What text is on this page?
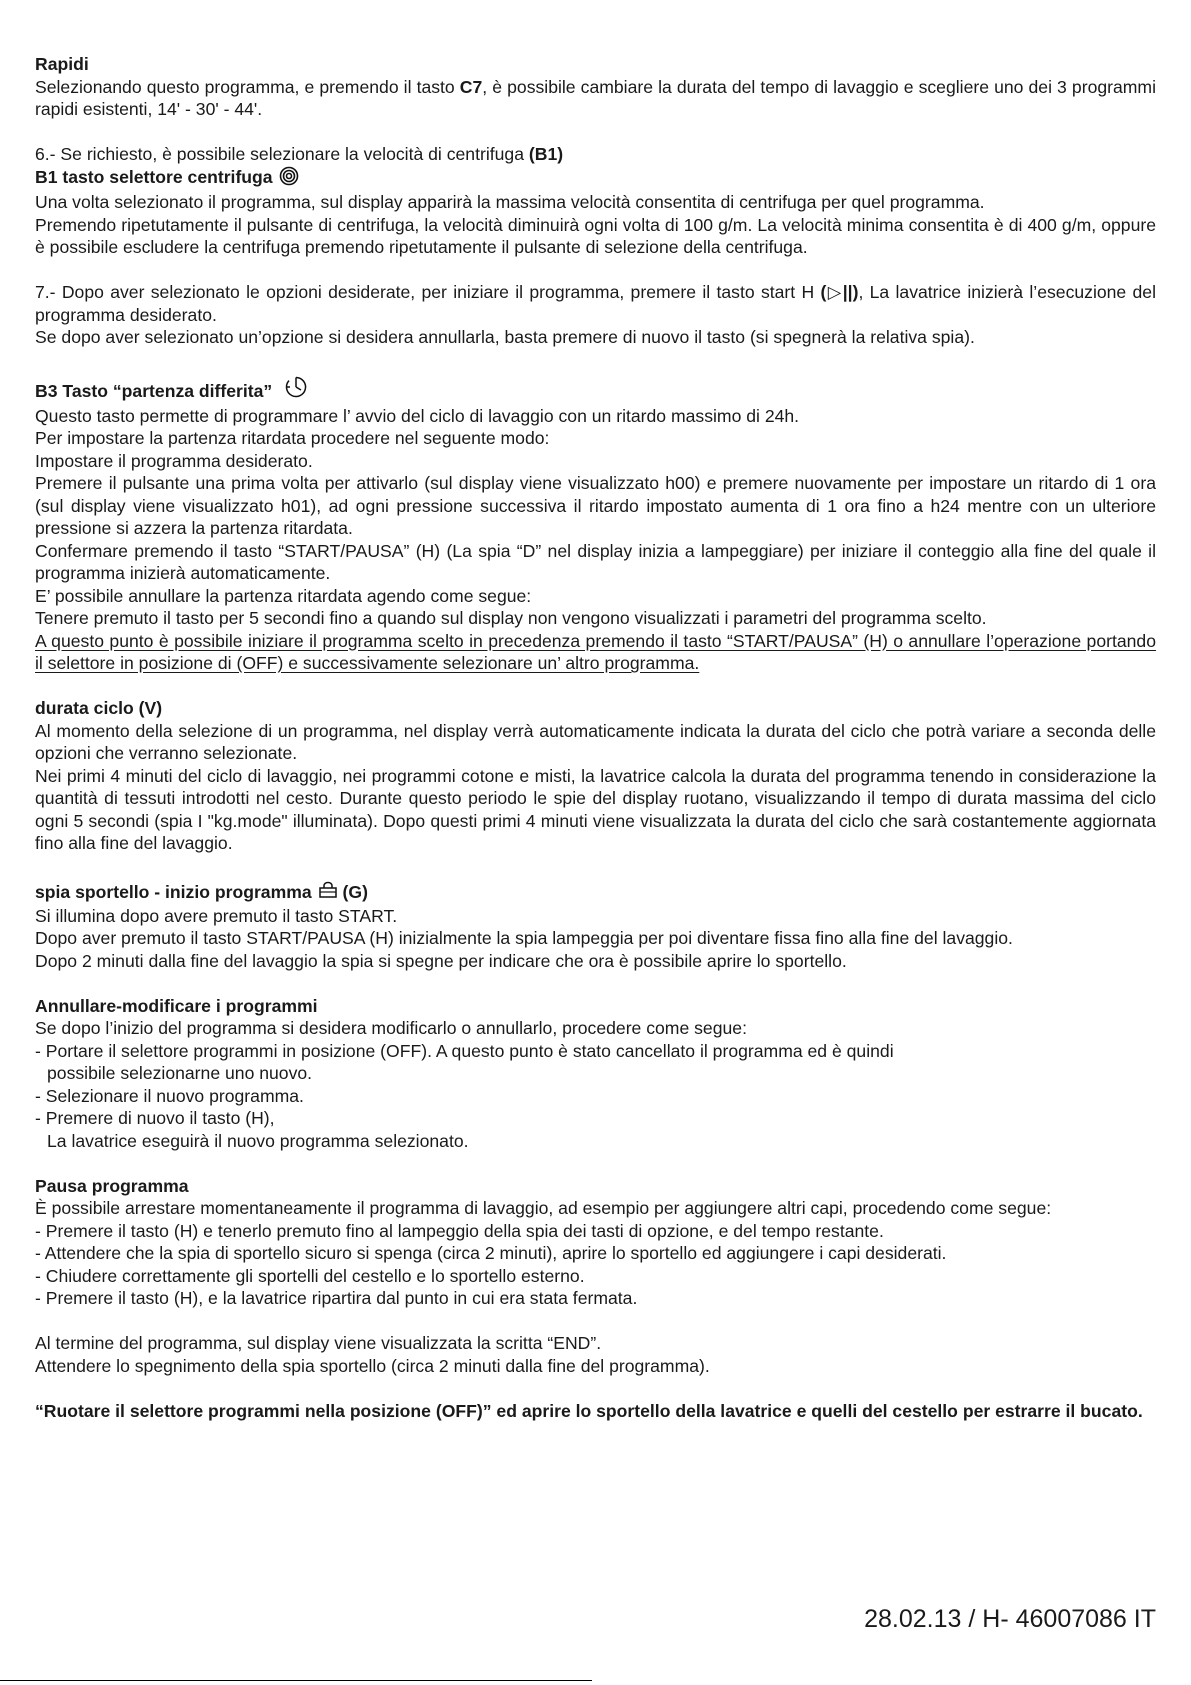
Rapidi
Selezionando questo programma, e premendo il tasto C7, è possibile cambiare la durata del tempo di lavaggio e scegliere uno dei 3 programmi rapidi esistenti, 14' - 30' - 44'.
6.- Se richiesto, è possibile selezionare la velocità di centrifuga (B1)
B1 tasto selettore centrifuga
Una volta selezionato il programma, sul display apparirà la massima velocità consentita di centrifuga per quel programma.
Premendo ripetutamente il pulsante di centrifuga, la velocità diminuirà ogni volta di 100 g/m. La velocità minima consentita è di 400 g/m, oppure è possibile escludere la centrifuga premendo ripetutamente il pulsante di selezione della centrifuga.
7.- Dopo aver selezionato le opzioni desiderate, per iniziare il programma, premere il tasto start H (▷||), La lavatrice inizierà l’esecuzione del programma desiderato.
Se dopo aver selezionato un’opzione si desidera annullarla, basta premere di nuovo il tasto (si spegnerà la relativa spia).
B3 Tasto “partenza differita”
Questo tasto permette di programmare l’ avvio del ciclo di lavaggio con un ritardo massimo di 24h.
Per impostare la partenza ritardata procedere nel seguente modo:
Impostare il programma desiderato.
Premere il pulsante una prima volta per attivarlo (sul display viene visualizzato h00) e premere nuovamente per impostare un ritardo di 1 ora (sul display viene visualizzato h01), ad ogni pressione successiva il ritardo impostato aumenta di 1 ora fino a h24 mentre con un ulteriore pressione si azzera la partenza ritardata.
Confermare premendo il tasto “START/PAUSA” (H) (La spia “D” nel display inizia a lampeggiare) per iniziare il conteggio alla fine del quale il programma inizierà automaticamente.
E’ possibile annullare la partenza ritardata agendo come segue:
Tenere premuto il tasto per 5 secondi fino a quando sul display non vengono visualizzati i parametri del programma scelto.
A questo punto è possibile iniziare il programma scelto in precedenza premendo il tasto “START/PAUSA” (H) o annullare l’operazione portando il selettore in posizione di (OFF) e successivamente selezionare un’ altro programma.
durata ciclo (V)
Al momento della selezione di un programma, nel display verrà automaticamente indicata la durata del ciclo che potrà variare a seconda delle opzioni che verranno selezionate.
Nei primi 4 minuti del ciclo di lavaggio, nei programmi cotone e misti, la lavatrice calcola la durata del programma tenendo in considerazione la quantità di tessuti introdotti nel cesto. Durante questo periodo le spie del display ruotano, visualizzando il tempo di durata massima del ciclo ogni 5 secondi (spia I "kg.mode" illuminata). Dopo questi primi 4 minuti viene visualizzata la durata del ciclo che sarà costantemente aggiornata fino alla fine del lavaggio.
spia sportello - inizio programma (G)
Si illumina dopo avere premuto il tasto START.
Dopo aver premuto il tasto START/PAUSA (H) inizialmente la spia lampeggia per poi diventare fissa fino alla fine del lavaggio.
Dopo 2 minuti dalla fine del lavaggio la spia si spegne per indicare che ora è possibile aprire lo sportello.
Annullare-modificare i programmi
Se dopo l’inizio del programma si desidera modificarlo o annullarlo, procedere come segue:
- Portare il selettore programmi in posizione (OFF). A questo punto è stato cancellato il programma ed è quindi
possibile selezionarne uno nuovo.
- Selezionare il nuovo programma.
- Premere di nuovo il tasto (H),
La lavatrice eseguirà il nuovo programma selezionato.
Pausa programma
È possibile arrestare momentaneamente il programma di lavaggio, ad esempio per aggiungere altri capi, procedendo come segue:
- Premere il tasto (H) e tenerlo premuto fino al lampeggio della spia dei tasti di opzione, e del tempo restante.
- Attendere che la spia di sportello sicuro si spenga (circa 2 minuti), aprire lo sportello ed aggiungere i capi desiderati.
- Chiudere correttamente gli sportelli del cestello e lo sportello esterno.
- Premere il tasto (H), e la lavatrice ripartira dal punto in cui era stata fermata.
Al termine del programma, sul display viene visualizzata la scritta “END”.
Attendere lo spegnimento della spia sportello (circa 2 minuti dalla fine del programma).
“Ruotare il selettore programmi nella posizione (OFF)” ed aprire lo sportello della lavatrice e quelli del cestello per estrarre il bucato.
28.02.13 / H- 46007086 IT
